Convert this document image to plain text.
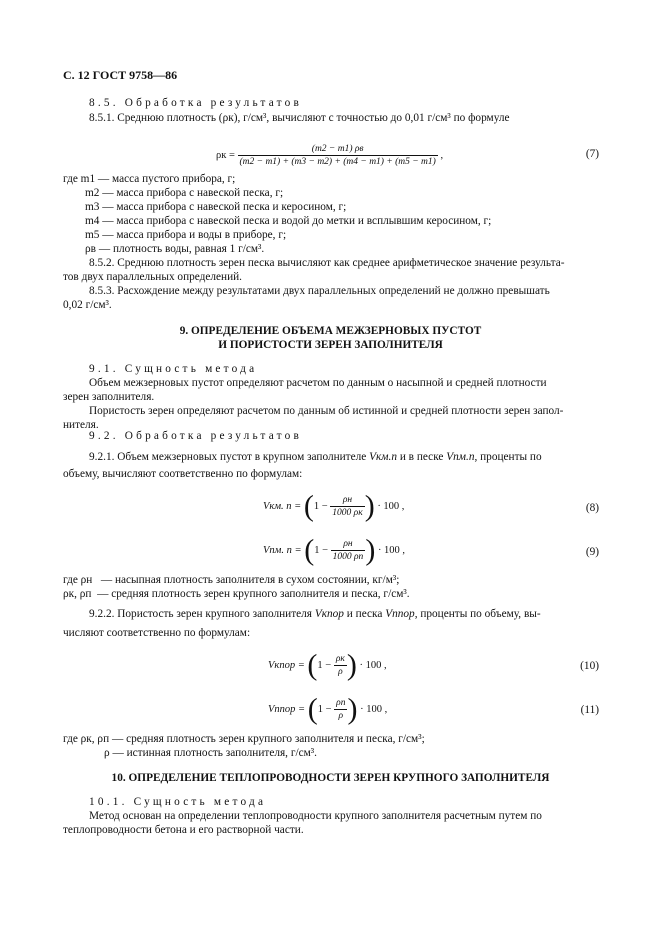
С. 12 ГОСТ 9758—86
8.5. Обработка результатов
8.5.1. Среднюю плотность (ρк), г/см³, вычисляют с точностью до 0,01 г/см³ по формуле
$\rho к = \frac{(m2 - m1) \rho в}{(m2 - m1) + (m3 - m2) + (m4 - m1) + (m5 - m1)}$ ,	(7)
где m1 — масса пустого прибора, г;
m2 — масса прибора с навеской песка, г;
m3 — масса прибора с навеской песка и керосином, г;
m4 — масса прибора с навеской песка и водой до метки и всплывшим керосином, г;
m5 — масса прибора и воды в приборе, г;
ρв — плотность воды, равная 1 г/см³.
8.5.2. Среднюю плотность зерен песка вычисляют как среднее арифметическое значение результа-
тов двух параллельных определений.
8.5.3. Расхождение между результатами двух параллельных определений не должно превышать
0,02 г/см³.
9. ОПРЕДЕЛЕНИЕ ОБЪЕМА МЕЖЗЕРНОВЫХ ПУСТОТ
И ПОРИСТОСТИ ЗЕРЕН ЗАПОЛНИТЕЛЯ
9.1. Сущность метода
Объем межзерновых пустот определяют расчетом по данным о насыпной и средней плотности
зерен заполнителя.
Пористость зерен определяют расчетом по данным об истинной и средней плотности зерен запол-
нителя.
9.2. Обработка результатов
9.2.1. Объем межзерновых пустот в крупном заполнителе Vкм.п и в песке Vпм.п, проценты по
объему, вычисляют соответственно по формулам:
Vкм. $п = (1 - \frac{\rho н}{1000 \rho к}$ ) · 100 ,	(8)
Vпм. $п = (1 - \frac{\rho н}{1000 \rho п}$ ) · 100 ,	(9)
где ρн — насыпная плотность заполнителя в сухом состоянии, кг/м³;
ρк, ρп — средняя плотность зерен крупного заполнителя и песка, г/см³.
9.2.2. Пористость зерен крупного заполнителя Vкпор и песка Vппор, проценты по объему, вы-
числяют соответственно по формулам:
Vкпор = ($1 - \frac{\rho к}{\rho}$ ) · 100 ,	(10)
Vппор = ($1 - \frac{\rho п}{\rho}$ ) · 100 ,	(11)
где ρк, ρп — средняя плотность зерен крупного заполнителя и песка, г/см³;
ρ — истинная плотность заполнителя, г/см³.
10. ОПРЕДЕЛЕНИЕ ТЕПЛОПРОВОДНОСТИ ЗЕРЕН КРУПНОГО ЗАПОЛНИТЕЛЯ
10.1. Сущность метода
Метод основан на определении теплопроводности крупного заполнителя расчетным путем по
теплопроводности бетона и его растворной части.
